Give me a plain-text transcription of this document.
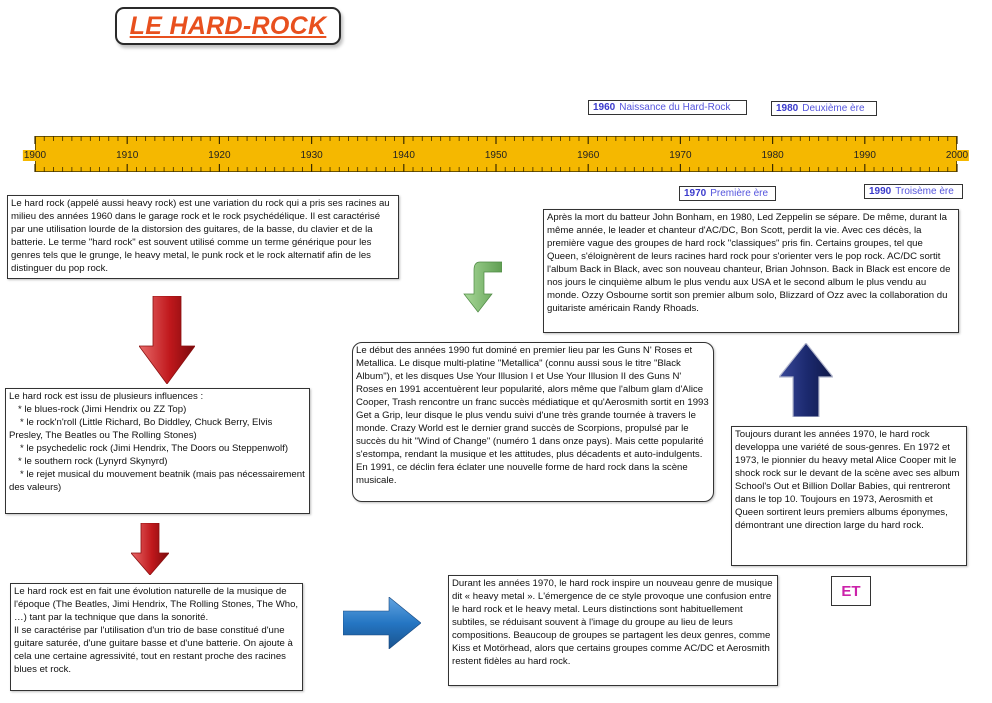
LE HARD-ROCK
1960 Naissance du Hard-Rock	1980 Deuxième ère
1900	1910	1920	1930	1940	1950	1960	1970	1980	1990	2000
1970 Première ère	1990 Troisème ère

Le hard rock (appelé aussi heavy rock) est une variation du rock qui a pris ses racines au milieu des années 1960 dans le garage rock et le rock psychédélique. Il est caractérisé par une utilisation lourde de la distorsion des guitares, de la basse, du clavier et de la batterie. Le terme "hard rock" est souvent utilisé comme un terme générique pour les genres tels que le grunge, le heavy metal, le punk rock et le rock alternatif afin de les distinguer du pop rock.

Le hard rock est issu de plusieurs influences :

* le blues-rock (Jimi Hendrix ou ZZ Top)

* le rock'n'roll (Little Richard, Bo Diddley, Chuck Berry, Elvis Presley, The Beatles ou The Rolling Stones)

* le psychedelic rock (Jimi Hendrix, The Doors ou Steppenwolf)

* le southern rock (Lynyrd Skynyrd)

* le rejet musical du mouvement beatnik (mais pas nécessairement des valeurs)

Le hard rock est en fait une évolution naturelle de la musique de l'époque (The Beatles, Jimi Hendrix, The Rolling Stones, The Who, …) tant par la technique que dans la sonorité.

Il se caractérise par l'utilisation d'un trio de base constitué d'une guitare saturée, d'une guitare basse et d'une batterie. On ajoute à cela une certaine agressivité, tout en restant proche des racines blues et rock.

Durant les années 1970, le hard rock inspire un nouveau genre de musique dit « heavy metal ». L'émergence de ce style provoque une confusion entre le hard rock et le heavy metal. Leurs distinctions sont habituellement subtiles, se réduisant souvent à l'image du groupe au lieu de leurs compositions. Beaucoup de groupes se partagent les deux genres, comme Kiss et Motörhead, alors que certains groupes comme AC/DC et Aerosmith restent fidèles au hard rock.

ET

Toujours durant les années 1970, le hard rock developpa une variété de sous-genres. En 1972 et 1973, le pionnier du heavy metal Alice Cooper mit le shock rock sur le devant de la scène avec ses album School's Out et Billion Dollar Babies, qui rentreront dans le top 10. Toujours en 1973, Aerosmith et Queen sortirent leurs premiers albums éponymes, démontrant une direction large du hard rock.

Après la mort du batteur John Bonham, en 1980, Led Zeppelin se sépare. De même, durant la même année, le leader et chanteur d'AC/DC, Bon Scott, perdit la vie. Avec ces décès, la première vague des groupes de hard rock "classiques" pris fin. Certains groupes, tel que Queen, s'éloignèrent de leurs racines hard rock pour s'orienter vers le pop rock. AC/DC sortit l'album Back in Black, avec son nouveau chanteur, Brian Johnson. Back in Black est encore de nos jours le cinquième album le plus vendu aux USA et le second album le plus vendu au monde. Ozzy Osbourne sortit son premier album solo, Blizzard of Ozz avec la collaboration du guitariste américain Randy Rhoads.

Le début des années 1990 fut dominé en premier lieu par les Guns N' Roses et Metallica. Le disque multi-platine "Metallica" (connu aussi sous le titre "Black Album"), et les disques Use Your Illusion I et Use Your Illusion II des Guns N' Roses en 1991 accentuèrent leur popularité, alors même que l'album glam d'Alice Cooper, Trash rencontre un franc succès médiatique et qu'Aerosmith sortit en 1993 Get a Grip, leur disque le plus vendu suivi d'une très grande tournée à travers le monde. Crazy World est le dernier grand succès de Scorpions, propulsé par le succès du hit "Wind of Change" (numéro 1 dans onze pays). Mais cette popularité s'estompa, rendant la musique et les attitudes, plus décadents et auto-indulgents. En 1991, ce déclin fera éclater une nouvelle forme de hard rock dans la scène musicale.
